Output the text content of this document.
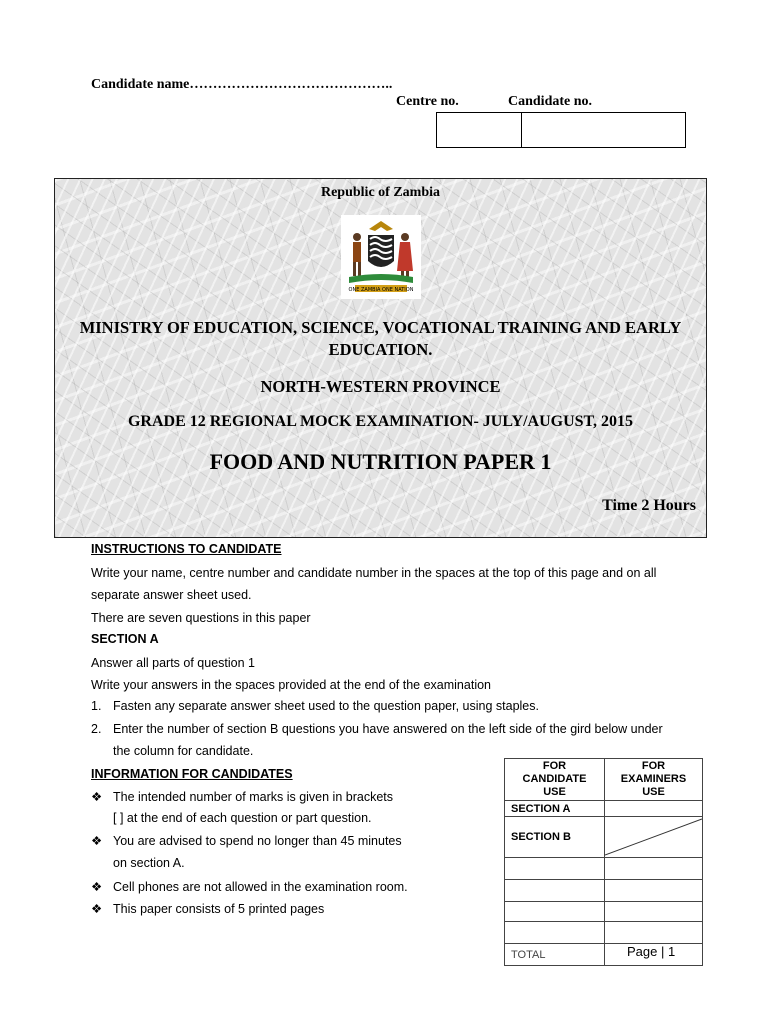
Candidate name……………………………………..
Centre no.	Candidate no.
Republic of Zambia
ONE ZAMBIA ONE NATION
MINISTRY OF EDUCATION, SCIENCE, VOCATIONAL TRAINING AND EARLY EDUCATION.
NORTH-WESTERN PROVINCE
GRADE 12 REGIONAL MOCK EXAMINATION- JULY/AUGUST, 2015
FOOD AND NUTRITION PAPER 1
Time 2 Hours
INSTRUCTIONS TO CANDIDATE
Write your name, centre number and candidate number in the spaces at the top of this page and on all
separate answer sheet used.
There are seven questions in this paper
SECTION A
Answer all parts of question 1
Write your answers in the spaces provided at the end of the examination
1. Fasten any separate answer sheet used to the question paper, using staples.
2. Enter the number of section B questions you have answered on the left side of the gird below under
the column for candidate.
INFORMATION FOR CANDIDATES
❖ The intended number of marks is given in brackets
[ ] at the end of each question or part question.
❖ You are advised to spend no longer than 45 minutes
on section A.
❖ Cell phones are not allowed in the examination room.
❖ This paper consists of 5 printed pages
FOR CANDIDATE USE	FOR EXAMINERS USE
SECTION A	
SECTION B	

TOTAL		Page | 1
